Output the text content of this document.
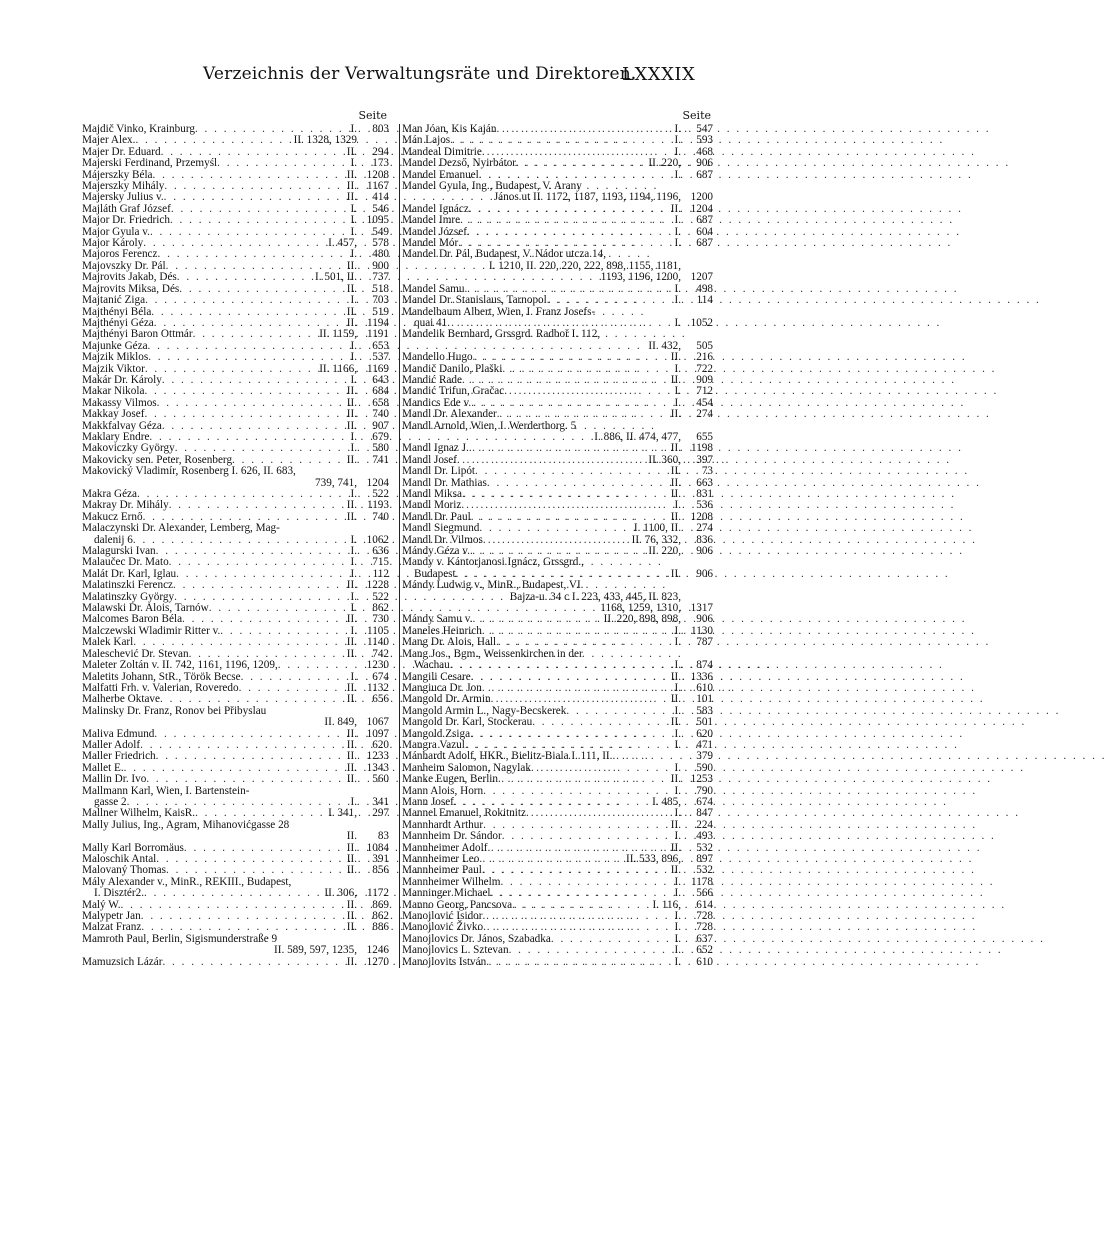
Verzeichnis der Verwaltungsräte und Direktoren.
LXXXIX
Seite
Majdič Vinko, Krainburg . . .	I.	803
Majer Alex. . . .	II. 1328, 1329
Majer Dr. Eduard . . .	II.	294
Majerski Ferdinand, Przemyśl . . .	I.	173
Májerszky Béla . . .	II. 1208
Majerszky Mihály . . .	II. 1167
Majersky Julius v. . . .	II.	414
Majláth Graf József . . .	I.	546
Major Dr. Friedrich . . .	I. 1095
Major Gyula v. . . .	I.	549
Major Károly . . .	I. 457,	578
Majoros Ferencz . . .	I.	480
Majovszky Dr. Pál . . .	II.	900
Majrovits Jakab, Dés . . .	I. 501, II.	737
Majrovits Miksa, Dés . . .	II.	518
Majtanić Ziga . . .	I.	703
Majthényi Béla . . .	II.	519
Majthényi Géza . . .	II. 1194
Majthényi Baron Ottmár . . .	II. 1159, 1191
Majunke Géza . . .	I.	653
Majzik Miklos . . .	I.	537
Majzik Viktor . . .	II. 1166, 1169
Makár Dr. Károly . . .	I.	643
Makar Nikola . . .	II.	684
Makassy Vilmos . . .	II.	658
Makkay Josef . . .	II.	740
Makkfalvay Géza . . .	II.	907
Maklary Endre . . .	I.	679
Makoviczky György . . .	I.	580
Makovicky sen. Peter, Rosenberg . . .	II.	741
Makovický Vladimír, Rosenberg I. 626, II. 683,
739, 741, 1204
Makra Géza . . .	I.	522
Makray Dr. Mihály . . .	II. 1193
Makucz Ernő . . .	II.	740
Malaczynski Dr. Alexander, Lemberg, Mag-
dalenij 6 . . .	I. 1062
Malagurski Ivan . . .	I.	636
Malaučec Dr. Mato . . .	I.	715
Malát Dr. Karl, Iglau . . .	I.	112
Malatinszki Ferencz . . .	II. 1228
Malatinszky György . . .	I.	522
Malawski Dr. Alois, Tarnów . . .	I.	862
Malcomes Baron Béla . . .	II.	730
Malczewski Wladimir Ritter v. . . .	I. 1105
Malek Karl . . .	II. 1140
Maleschević Dr. Stevan . . .	II.	742
Maleter Zoltán v. II. 742, 1161, 1196, 1209, . . .	1230
Maletits Johann, StR., Török Becse . . .	I.	674
Malfatti Frh. v. Valerian, Roveredo . . .	II. 1132
Malherbe Oktave . . .	II.	656
Malinsky Dr. Franz, Ronov bei Přibyslau
II. 849, 1067
Maliva Edmund . . .	II. 1097
Maller Adolf . . .	II.	620
Maller Friedrich . . .	II. 1233
Mallet E. . . .	II. 1343
Mallin Dr. Ivo . . .	II.	560
Mallmann Karl, Wien, I. Bartenstein-
gasse 2 . . .	I.	341
Mallner Wilhelm, KaisR. . . .	I. 341,	297
Mally Julius, Ing., Agram, Mihanovićgasse 28
II.	83
Mally Karl Borromäus . . .	II. 1084
Maloschik Antal . . .	II.	391
Malovaný Thomas . . .	II.	856
Mály Alexander v., MinR., REKIII., Budapest,
I. Disztér2. . . .	II. 306, 1172
Malý W. . . .	II.	869
Malypetr Jan . . .	II.	862
Malzat Franz . . .	II.	886
Mamroth Paul, Berlin, Sigismunderstraße 9
II. 589, 597, 1235, 1246
Mamuzsich Lázár . . .	II. 1270
Seite
Man Jóan, Kis Kaján . . .	I.	547
Mán Lajos . . .	I.	593
Mandeal Dimitrie . . .	I.	468
Mandel Dezső, Nyirbátor . . .	II. 220,	906
Mandel Emanuel . . .	I.	687
Mandel Gyula, Ing., Budapest, V. Arany
János ut II. 1172, 1187, 1193, 1194, 1196, 1200
Mandel Ignácz . . .	II. 1204
Mandel Imre . . .	I.	687
Mandel József . . .	I.	604
Mandel Mór . . .	I.	687
Mandel Dr. Pál, Budapest, V. Nádor utcza 14,
I. 1210, II. 220, 220, 222, 898, 1155, 1181,
1193, 1196, 1200, 1207
Mandel Samu . . .	I.	498
Mandel Dr. Stanislaus, Tarnopol . . .	I.	114
Mandelbaum Albert, Wien, I. Franz Josefs-
quai 41 . . .	I. 1052
Mandelik Bernhard, Grssgrd. Radboř I. 112,
II. 432,	505
Mandello Hugo . . .	II.	216
Mandič Danilo, Plaški . . .	I.	722
Mandić Rade . . .	II.	909
Mandić Trifun, Gračac . . .	I.	712
Mandics Ede v. . . .	I.	454
Mandl Dr. Alexander . . .	II.	274
Mandl Arnold, Wien, I. Werderthorg. 5
I. 886, II. 474, 477,	655
Mandl Ignaz J. . . .	II. 1198
Mandl Josef . . .	II. 360,	397
Mandl Dr. Lipót . . .	II.	73
Mandl Dr. Mathias . . .	II.	663
Mandl Miksa . . .	II.	831
Mandl Moriz . . .	I.	536
Mandl Dr. Paul . . .	II. 1208
Mandl Siegmund . . .	I. 1100, II.	274
Mandl Dr. Vilmos . . .	II. 76, 332,	836
Mándy Géza v. . . .	II. 220,	906
Mandy v. Kántorjanosi Ignácz, Grssgrd.,
Budapest . . .	II.	906
Mándy Ludwig v., MinR., Budapest, VI.
Bajza-u. 34 c I. 223, 433, 445, II. 823,
1168, 1259, 1310, 1317
Mándy Samu v. . . .	II. 220, 898, 898,	906
Maneles Heinrich . . .	I. 1130
Mang Dr. Alois, Hall . . .	I.	787
Mang Jos., Bgm., Weissenkirchen in der
Wachau . . .	I.	874
Mangili Cesare . . .	II. 1336
Mangiuca Dr. Jon . . .	I.	610
Mangold Dr. Armin . . .	II.	101
Mangold Armin L., Nagy-Becskerek . . .	I.	583
Mangold Dr. Karl, Stockerau . . .	II.	501
Mangold Zsiga . . .	I.	620
Mangra Vazul . . .	I.	471
Mánhardt Adolf, HKR., Bielitz-Biala I. 111, II. . . .	379
Manheim Salomon, Nagylak . . .	I.	590
Manke Eugen, Berlin . . .	II. 1253
Mann Alois, Horn . . .	I.	790
Mann Josef . . .	I. 485,	674
Mannel Emanuel, Rokitnitz . . .	I.	847
Mannhardt Arthur . . .	II.	224
Mannheim Dr. Sándor . . .	I.	493
Mannheimer Adolf . . .	II.	532
Mannheimer Leo . . .	II. 533, 896,	897
Mannheimer Paul . . .	II.	532
Mannheimer Wilhelm . . .	I. 1178
Manninger Michael . . .	I.	566
Manno Georg, Pancsova . . .	I. 116,	614
Manojlović Isidor . . .	I.	728
Manojlović Živko . . .	I.	728
Manojlovics Dr. János, Szabadka . . .	I.	637
Manojlovics L. Sztevan . . .	I.	652
Manojlovits István . . .	I.	610
